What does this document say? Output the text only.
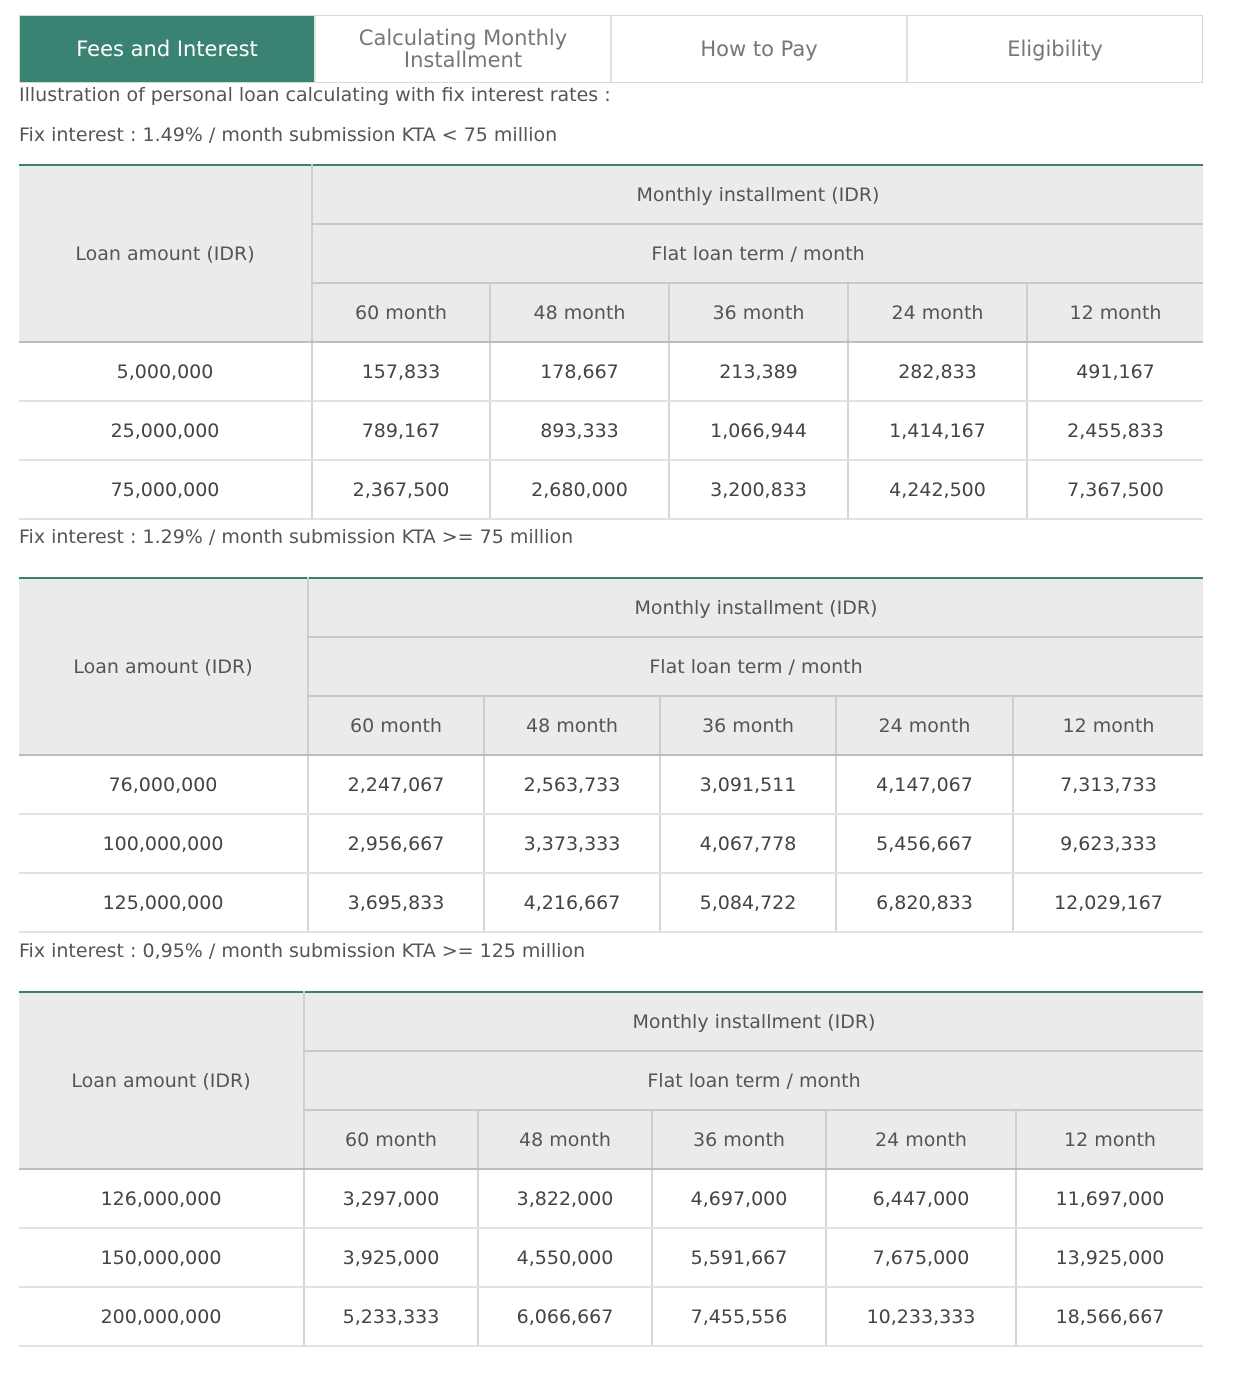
Fees and Interest	Calculating Monthly Installment	How to Pay	Eligibility
Illustration of personal loan calculating with fix interest rates :
Fix interest : 1.49% / month submission KTA < 75 million
Loan amount (IDR)	Monthly installment (IDR)				
	Flat loan term / month				
	60 month	48 month	36 month	24 month	12 month
5,000,000	157,833	178,667	213,389	282,833	491,167
25,000,000	789,167	893,333	1,066,944	1,414,167	2,455,833
75,000,000	2,367,500	2,680,000	3,200,833	4,242,500	7,367,500
Fix interest : 1.29% / month submission KTA >= 75 million
Loan amount (IDR)	Monthly installment (IDR)				
	Flat loan term / month				
	60 month	48 month	36 month	24 month	12 month
76,000,000	2,247,067	2,563,733	3,091,511	4,147,067	7,313,733
100,000,000	2,956,667	3,373,333	4,067,778	5,456,667	9,623,333
125,000,000	3,695,833	4,216,667	5,084,722	6,820,833	12,029,167
Fix interest : 0,95% / month submission KTA >= 125 million
Loan amount (IDR)	Monthly installment (IDR)				
	Flat loan term / month				
	60 month	48 month	36 month	24 month	12 month
126,000,000	3,297,000	3,822,000	4,697,000	6,447,000	11,697,000
150,000,000	3,925,000	4,550,000	5,591,667	7,675,000	13,925,000
200,000,000	5,233,333	6,066,667	7,455,556	10,233,333	18,566,667
